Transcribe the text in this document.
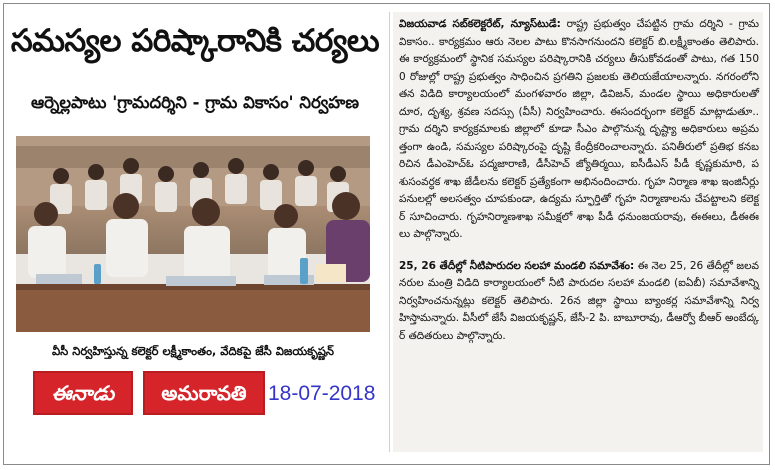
సమస్యల పరిష్కారానికి చర్యలు
ఆర్నెల్లపాటు 'గ్రామదర్శిని - గ్రామ వికాసం' నిర్వహణ
వీసీ నిర్వహిస్తున్న కలెక్టర్ లక్ష్మీకాంతం, వేదికపై జేసీ విజయకృష్ణన్
ఈనాడు	అమరావతి	18-07-2018

విజయవాడ సబ్‌కలెక్టరేట్, న్యూస్‌టుడే: రాష్ట్ర ప్రభుత్వం చేపట్టిన గ్రామ దర్శిని - గ్రామ వికాసం.. కార్యక్రమం ఆరు నెలల పాటు కొనసాగనుందని కలెక్టర్ బి.లక్ష్మీకాంతం తెలిపారు. ఈ కార్యక్రమంలో స్థానిక సమస్యల పరిష్కారానికి చర్యలు తీసుకోవడంతో పాటు, గత 1500 రోజుల్లో రాష్ట్ర ప్రభుత్వం సాధించిన ప్రగతిని ప్రజలకు తెలియజేయాలన్నారు. నగరంలోని తన విడిది కార్యాలయంలో మంగళవారం జిల్లా, డివిజన్, మండల స్థాయి అధికారులతో దూర, దృశ్య, శ్రవణ సదస్సు (వీసీ) నిర్వహించారు. ఈసందర్భంగా కలెక్టర్ మాట్లాడుతూ.. గ్రామ దర్శిని కార్యక్రమాలకు జిల్లాలో కూడా సీఎం పాల్గొనున్న దృష్ట్యా అధికారులు అప్రమత్తంగా ఉండి, సమస్యల పరిష్కారంపై దృష్టి కేంద్రీకరించాలన్నారు. పనితీరులో ప్రతిభ కనబరిచిన డీఎంహెచ్ఓ పద్మజారాణి, డీసీహెచ్ జ్యోతిర్మయి, ఐసీడీఎస్ పీడీ కృష్ణకుమారి, పశుసంవర్ధక శాఖ జేడీలను కలెక్టర్ ప్రత్యేకంగా అభినందించారు. గృహ నిర్మాణ శాఖ ఇంజినీర్లు పనులల్లో అలసత్వం చూపకుండా, ఉద్యమ స్ఫూర్తితో గృహ నిర్మాణాలను చేపట్టాలని కలెక్టర్ సూచించారు. గృహనిర్మాణశాఖ సమీక్షలో శాఖ పీడీ ధనుంజయరావు, ఈఈలు, డీఈఈలు పాల్గొన్నారు.

25, 26 తేదీల్లో నీటిపారుదల సలహా మండలి సమావేశం: ఈ నెల 25, 26 తేదీల్లో జలవనరుల మంత్రి విడిది కార్యాలయంలో నీటి పారుదల సలహా మండలి (ఐఏబీ) సమావేశాన్ని నిర్వహించనున్నట్లు కలెక్టర్ తెలిపారు. 26న జిల్లా స్థాయి బ్యాంకర్ల సమావేశాన్ని నిర్వహిస్తామన్నారు. వీసీలో జేసీ విజయకృష్ణన్, జేసీ-2 పి. బాబూరావు, డీఆర్వో బీఆర్ అంబేద్కర్ తదితరులు పాల్గొన్నారు.
